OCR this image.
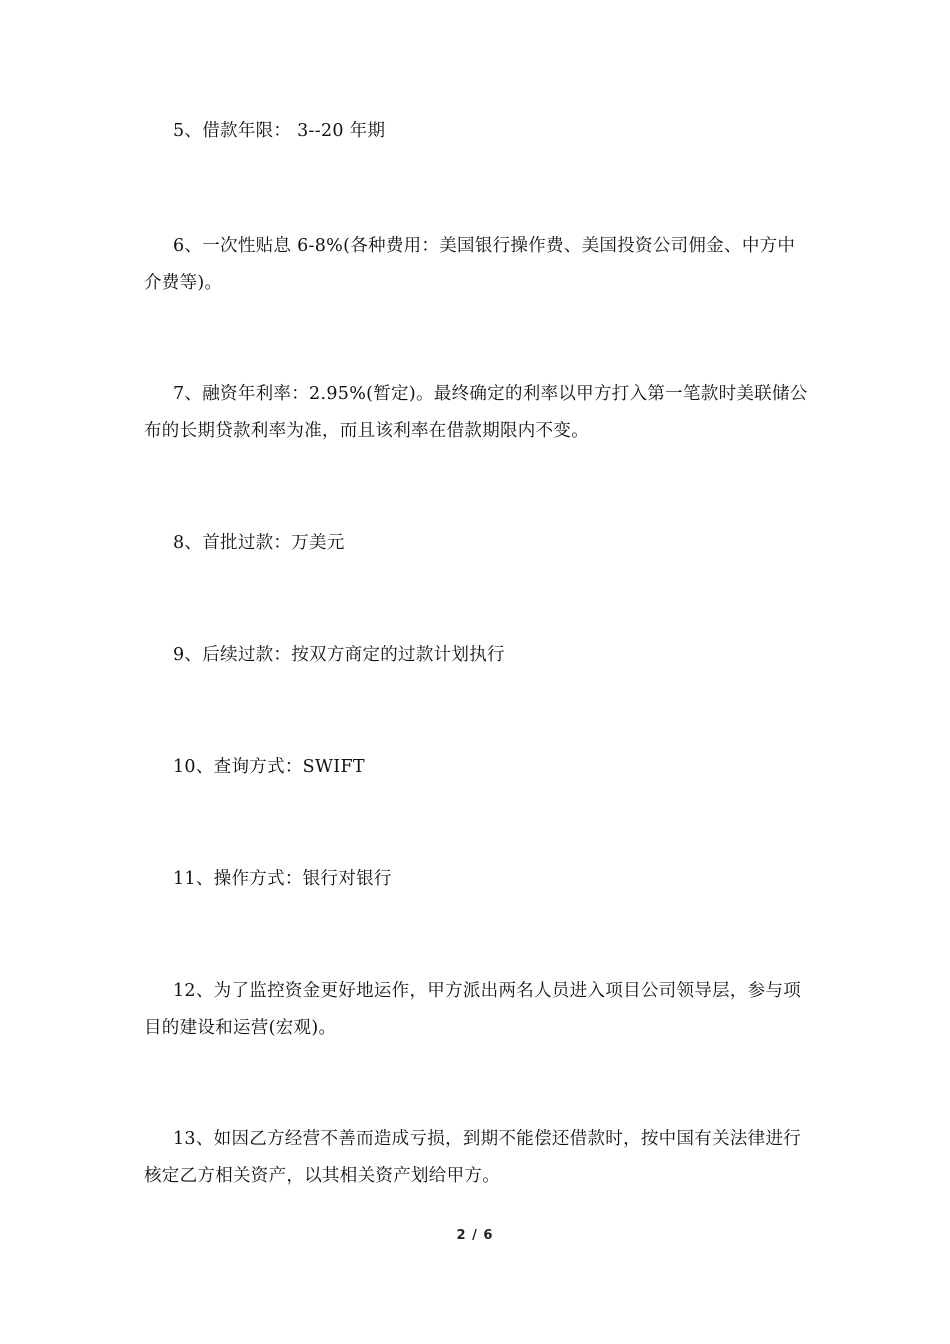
5、借款年限： 3--20 年期

6、一次性贴息 6-8%(各种费用：美国银行操作费、美国投资公司佣金、中方中介费等)。

7、融资年利率：2.95%(暂定)。最终确定的利率以甲方打入第一笔款时美联储公布的长期贷款利率为准，而且该利率在借款期限内不变。

8、首批过款：万美元

9、后续过款：按双方商定的过款计划执行

10、查询方式：SWIFT

11、操作方式：银行对银行

12、为了监控资金更好地运作，甲方派出两名人员进入项目公司领导层，参与项目的建设和运营(宏观)。

13、如因乙方经营不善而造成亏损，到期不能偿还借款时，按中国有关法律进行核定乙方相关资产，以其相关资产划给甲方。

2 / 6
